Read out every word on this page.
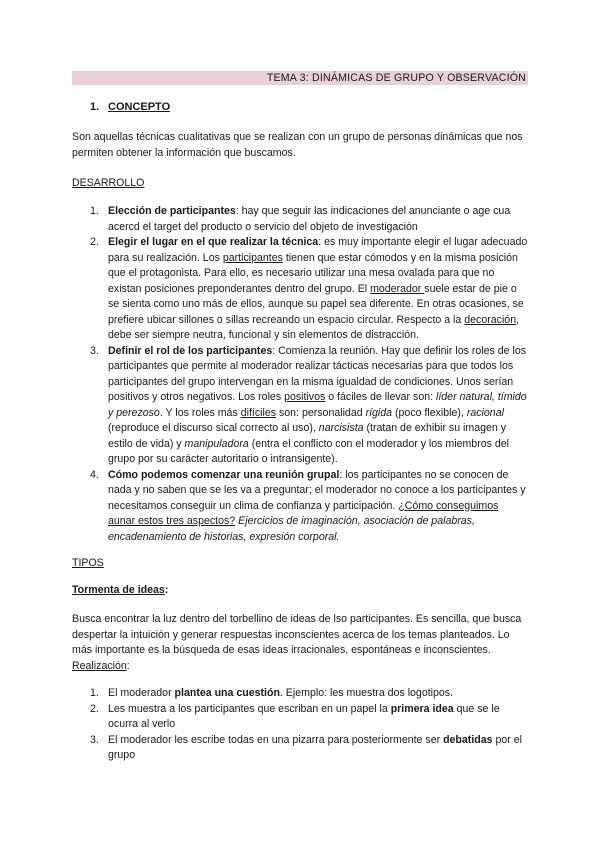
TEMA 3: DINÁMICAS DE GRUPO Y OBSERVACIÓN
1. CONCEPTO

Son aquellas técnicas cualitativas que se realizan con un grupo de personas dinámicas que nos permiten obtener la información que buscamos.

DESARROLLO
1. Elección de participantes: hay que seguir las indicaciones del anunciante o age cua acercd el target del producto o servicio del objeto de investigación
2. Elegir el lugar en el que realizar la técnica: es muy importante elegir el lugar adecuado para su realización. Los participantes tienen que estar cómodos y en la misma posición que el protagonista. Para ello, es necesario utilizar una mesa ovalada para que no existan posiciones preponderantes dentro del grupo. El moderador suele estar de pie o se sienta como uno más de ellos, aunque su papel sea diferente. En otras ocasiones, se prefiere ubicar sillones o sillas recreando un espacio circular. Respecto a la decoración, debe ser siempre neutra, funcional y sin elementos de distracción.
3. Definir el rol de los participantes: Comienza la reunión. Hay que definir los roles de los participantes que permite al moderador realizar tácticas necesarias para que todos los participantes del grupo intervengan en la misma igualdad de condiciones. Unos serían positivos y otros negativos. Los roles positivos o fáciles de llevar son: líder natural, tímido y perezoso. Y los roles más difíciles son: personalidad rígida (poco flexible), racional (reproduce el discurso sical correcto al uso), narcisista (tratan de exhibir su imagen y estilo de vida) y manipuladora (entra el conflicto con el moderador y los miembros del grupo por su carácter autoritario o intransigente).
4. Cómo podemos comenzar una reunión grupal: los participantes no se conocen de nada y no saben que se les va a preguntar; el moderador no conoce a los participantes y necesitamos conseguir un clima de confianza y participación. ¿Cómo conseguimos aunar estos tres aspectos? Ejercicios de imaginación, asociación de palabras, encadenamiento de historias, expresión corporal.
TIPOS
Tormenta de ideas:

Busca encontrar la luz dentro del torbellino de ideas de lso participantes. Es sencilla, que busca despertar la intuición y generar respuestas inconscientes acerca de los temas planteados. Lo más importante es la búsqueda de esas ideas irracionales, espontáneas e inconscientes. Realización:

1. El moderador plantea una cuestión. Ejemplo: les muestra dos logotipos.
2. Les muestra a los participantes que escriban en un papel la primera idea que se le ocurra al verlo
3. El moderador les escribe todas en una pizarra para posteriormente ser debatidas por el grupo
